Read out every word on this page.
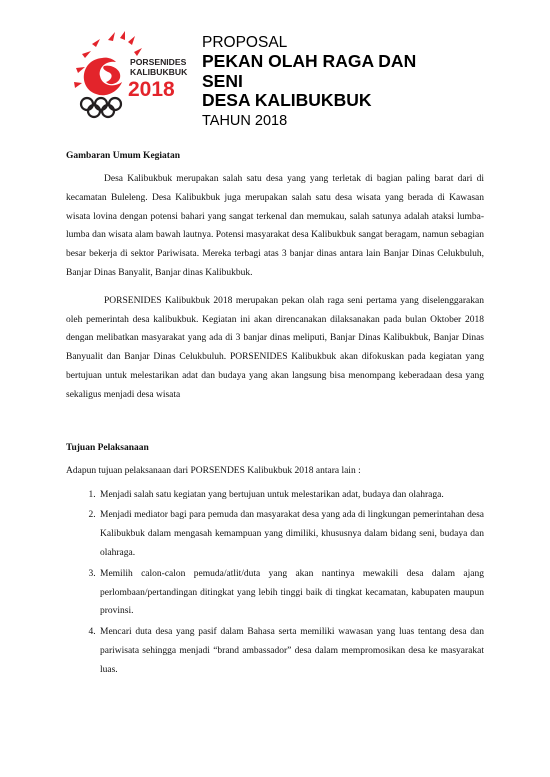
PORSENIDES
KALIBUKBUK
2018
PROPOSAL
PEKAN OLAH RAGA DAN
SENI
DESA KALIBUKBUK
TAHUN 2018
Gambaran Umum Kegiatan

Desa Kalibukbuk merupakan salah satu desa yang yang terletak di bagian paling barat dari di kecamatan Buleleng. Desa Kalibukbuk juga merupakan salah satu desa wisata yang berada di Kawasan wisata lovina dengan potensi bahari yang sangat terkenal dan memukau, salah satunya adalah ataksi lumba-lumba dan wisata alam bawah lautnya. Potensi masyarakat desa Kalibukbuk sangat beragam, namun sebagian besar bekerja di sektor Pariwisata. Mereka terbagi atas 3 banjar dinas antara lain Banjar Dinas Celukbuluh, Banjar Dinas Banyalit, Banjar dinas Kalibukbuk.

PORSENIDES Kalibukbuk 2018 merupakan pekan olah raga seni pertama yang diselenggarakan oleh pemerintah desa kalibukbuk. Kegiatan ini akan direncanakan dilaksanakan pada bulan Oktober 2018 dengan melibatkan masyarakat yang ada di 3 banjar dinas meliputi, Banjar Dinas Kalibukbuk, Banjar Dinas Banyualit dan Banjar Dinas Celukbuluh. PORSENIDES Kalibukbuk akan difokuskan pada kegiatan yang bertujuan untuk melestarikan adat dan budaya yang akan langsung bisa menompang keberadaan desa yang sekaligus menjadi desa wisata

Tujuan Pelaksanaan

Adapun tujuan pelaksanaan dari PORSENDES Kalibukbuk 2018 antara lain :

1. Menjadi salah satu kegiatan yang bertujuan untuk melestarikan adat, budaya dan olahraga.
2. Menjadi mediator bagi para pemuda dan masyarakat desa yang ada di lingkungan pemerintahan desa Kalibukbuk dalam mengasah kemampuan yang dimiliki, khususnya dalam bidang seni, budaya dan olahraga.
3. Memilih calon-calon pemuda/atlit/duta yang akan nantinya mewakili desa dalam ajang perlombaan/pertandingan ditingkat yang lebih tinggi baik di tingkat kecamatan, kabupaten maupun provinsi.
4. Mencari duta desa yang pasif dalam Bahasa serta memiliki wawasan yang luas tentang desa dan pariwisata sehingga menjadi “brand ambassador” desa dalam mempromosikan desa ke masyarakat luas.
